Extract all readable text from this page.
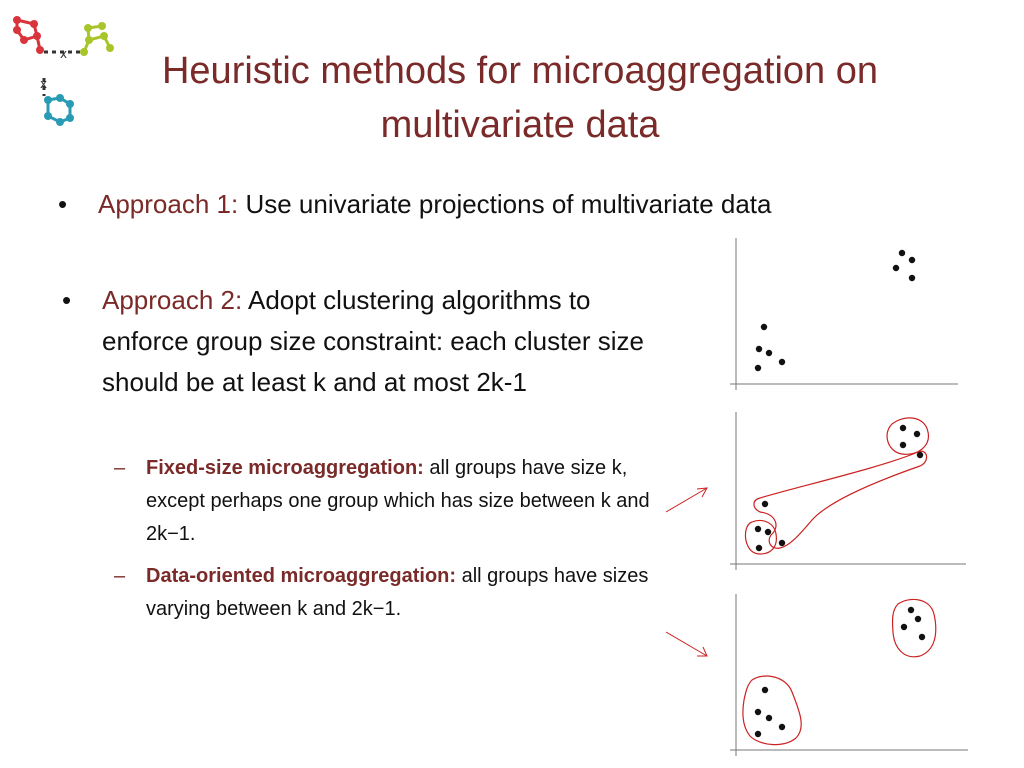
x
x	Heuristic methods for microaggregation on multivariate data
• Approach 1: Use univariate projections of multivariate data
• Approach 2: Adopt clustering algorithms to enforce group size constraint: each cluster size should be at least k and at most 2k-1
– Fixed-size microaggregation: all groups have size k, except perhaps one group which has size between k and 2k−1.
– Data-oriented microaggregation: all groups have sizes varying between k and 2k−1.
